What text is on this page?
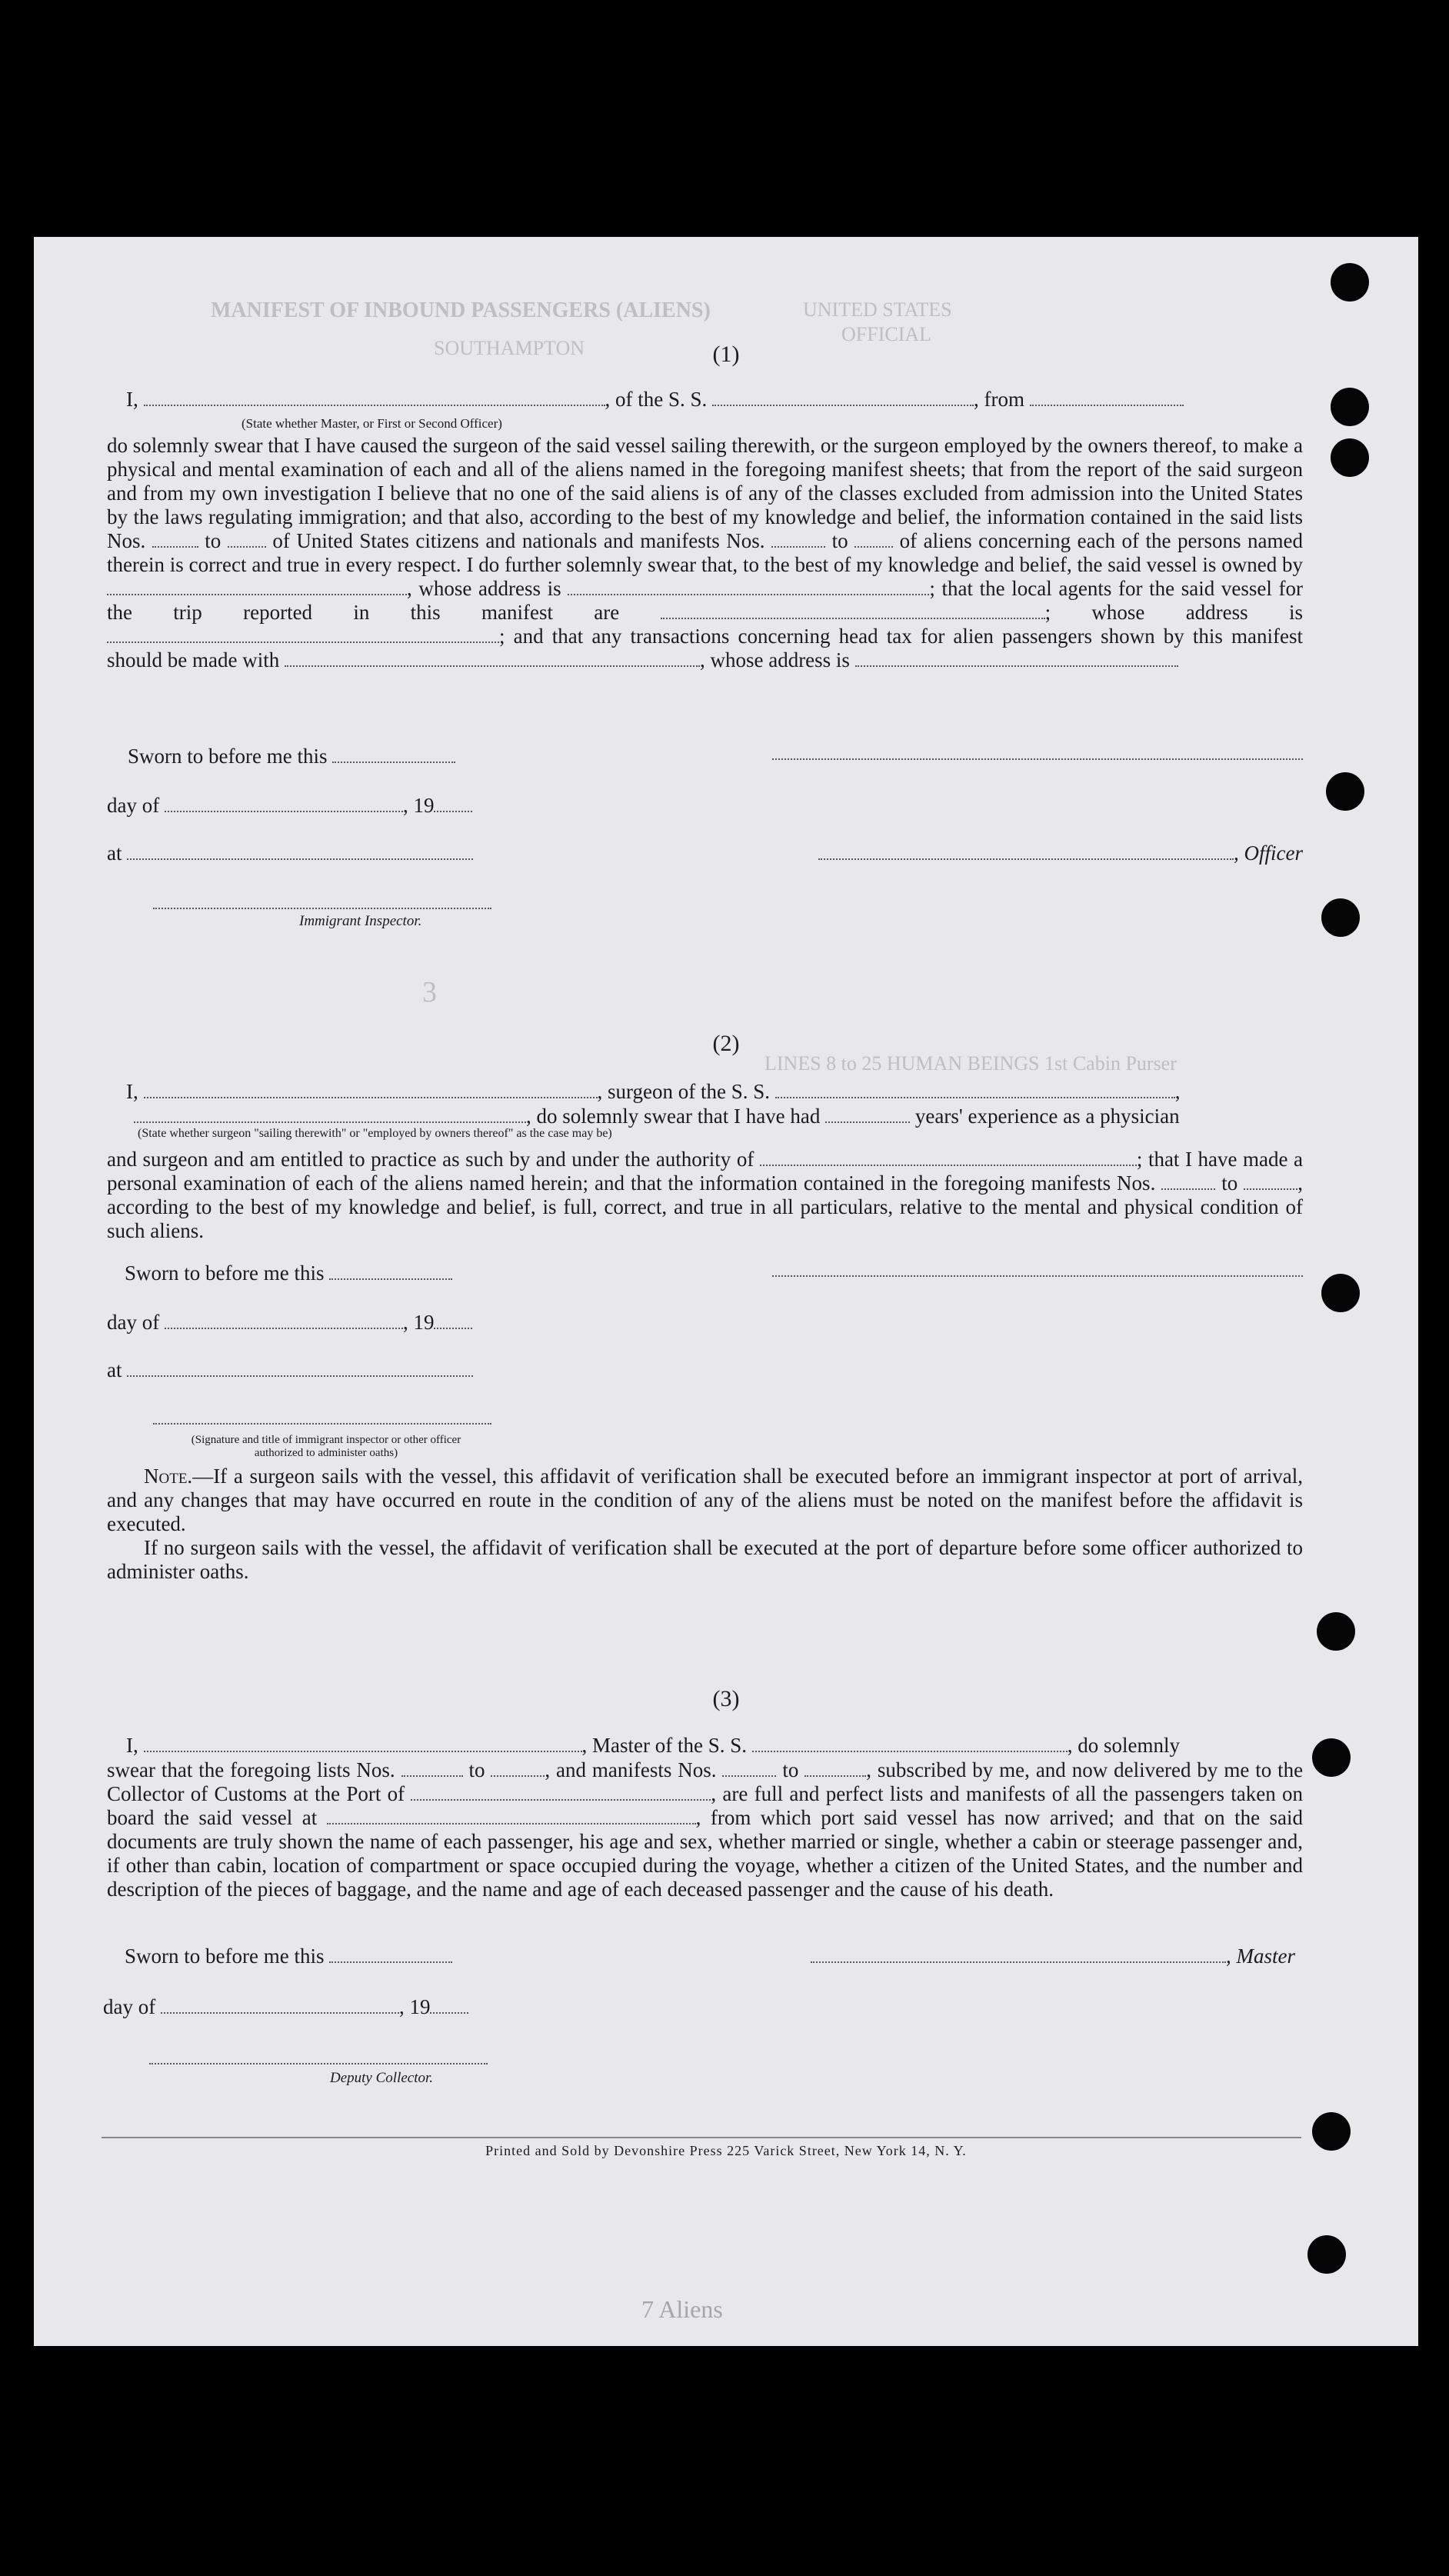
MANIFEST OF INBOUND PASSENGERS (ALIENS)
SOUTHAMPTON
UNITED STATES
OFFICIAL
3
LINES 8 to 25 HUMAN BEINGS 1st Cabin Purser
(1)
I,	, of the S. S.	, from
(State whether Master, or First or Second Officer)
do solemnly swear that I have caused the surgeon of the said vessel sailing therewith, or the surgeon employed by the owners thereof, to make a physical and mental examination of each and all of the aliens named in the foregoing manifest sheets; that from the report of the said surgeon and from my own investigation I believe that no one of the said aliens is of any of the classes excluded from admission into the United States by the laws regulating immigration; and that also, according to the best of my knowledge and belief, the information contained in the said lists Nos.	to of United States citizens and nationals and manifests Nos.	to of aliens concerning each of the persons named therein is correct and true in every respect. I do further solemnly swear that, to the best of my knowledge and belief, the said vessel is owned by , whose address is	; that the local agents for the said vessel for the trip reported in this manifest are	; whose address is ; and that any transactions concerning head tax for alien passengers shown by this manifest should be made with	, whose address is
Sworn to before me this
day of	, 19
at	, Officer
Immigrant Inspector.
(2)
I,	, surgeon of the S. S.	,
, do solemnly swear that I have had	years' experience as a physician
(State whether surgeon "sailing therewith" or "employed by owners thereof" as the case may be)
and surgeon and am entitled to practice as such by and under the authority of	; that I have made a personal examination of each of the aliens named herein; and that the information contained in the foregoing manifests Nos.	to	, according to the best of my knowledge and belief, is full, correct, and true in all particulars, relative to the mental and physical condition of such aliens.
Sworn to before me this
day of	, 19
at
(Signature and title of immigrant inspector or other officer authorized to administer oaths)
Note.—If a surgeon sails with the vessel, this affidavit of verification shall be executed before an immigrant inspector at port of arrival, and any changes that may have occurred en route in the condition of any of the aliens must be noted on the manifest before the affidavit is executed.
If no surgeon sails with the vessel, the affidavit of verification shall be executed at the port of departure before some officer authorized to administer oaths.
(3)
I,	, Master of the S. S.	, do solemnly
swear that the foregoing lists Nos.	to	, and manifests Nos.	to	, subscribed by me, and now delivered by me to the Collector of Customs at the Port of	, are full and perfect lists and manifests of all the passengers taken on board the said vessel at	, from which port said vessel has now arrived; and that on the said documents are truly shown the name of each passenger, his age and sex, whether married or single, whether a cabin or steerage passenger and, if other than cabin, location of compartment or space occupied during the voyage, whether a citizen of the United States, and the number and description of the pieces of baggage, and the name and age of each deceased passenger and the cause of his death.
Sworn to before me this	, Master
day of	, 19
Deputy Collector.
Printed and Sold by Devonshire Press 225 Varick Street, New York 14, N. Y.
7 Aliens
